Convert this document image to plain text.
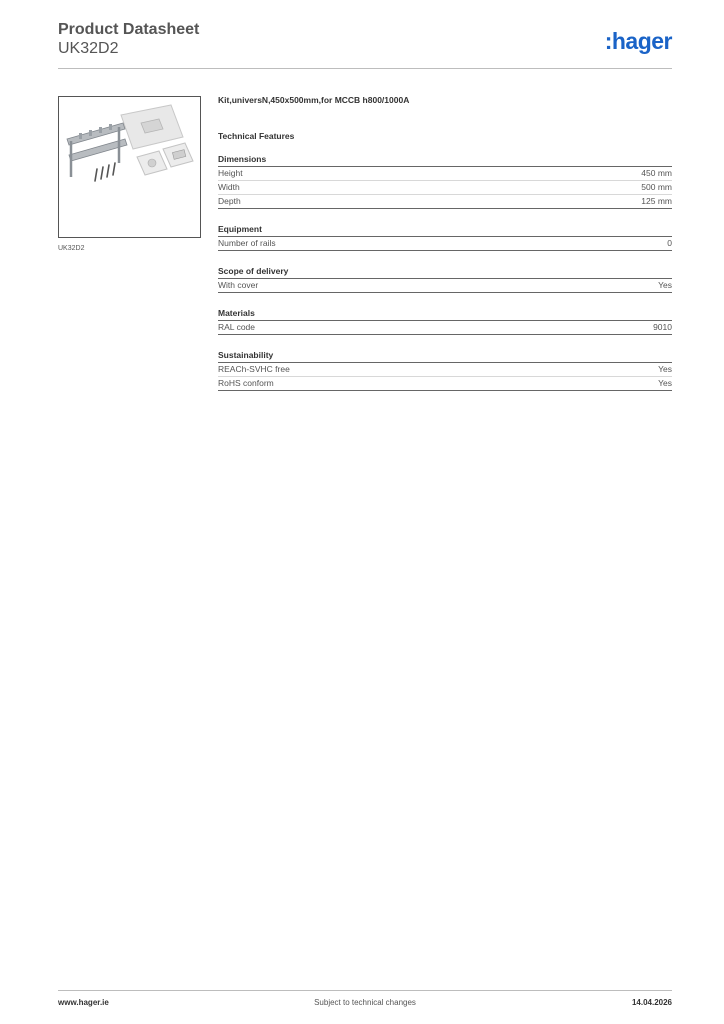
Product Datasheet
UK32D2	:hager
UK32D2
Kit,universN,450x500mm,for MCCB h800/1000A
Technical Features
Dimensions
Height	450 mm
Width	500 mm
Depth	125 mm
Equipment
Number of rails	0
Scope of delivery
With cover	Yes
Materials
RAL code	9010
Sustainability
REACh-SVHC free	Yes
RoHS conform	Yes
www.hager.ie	Subject to technical changes	14.04.2026
